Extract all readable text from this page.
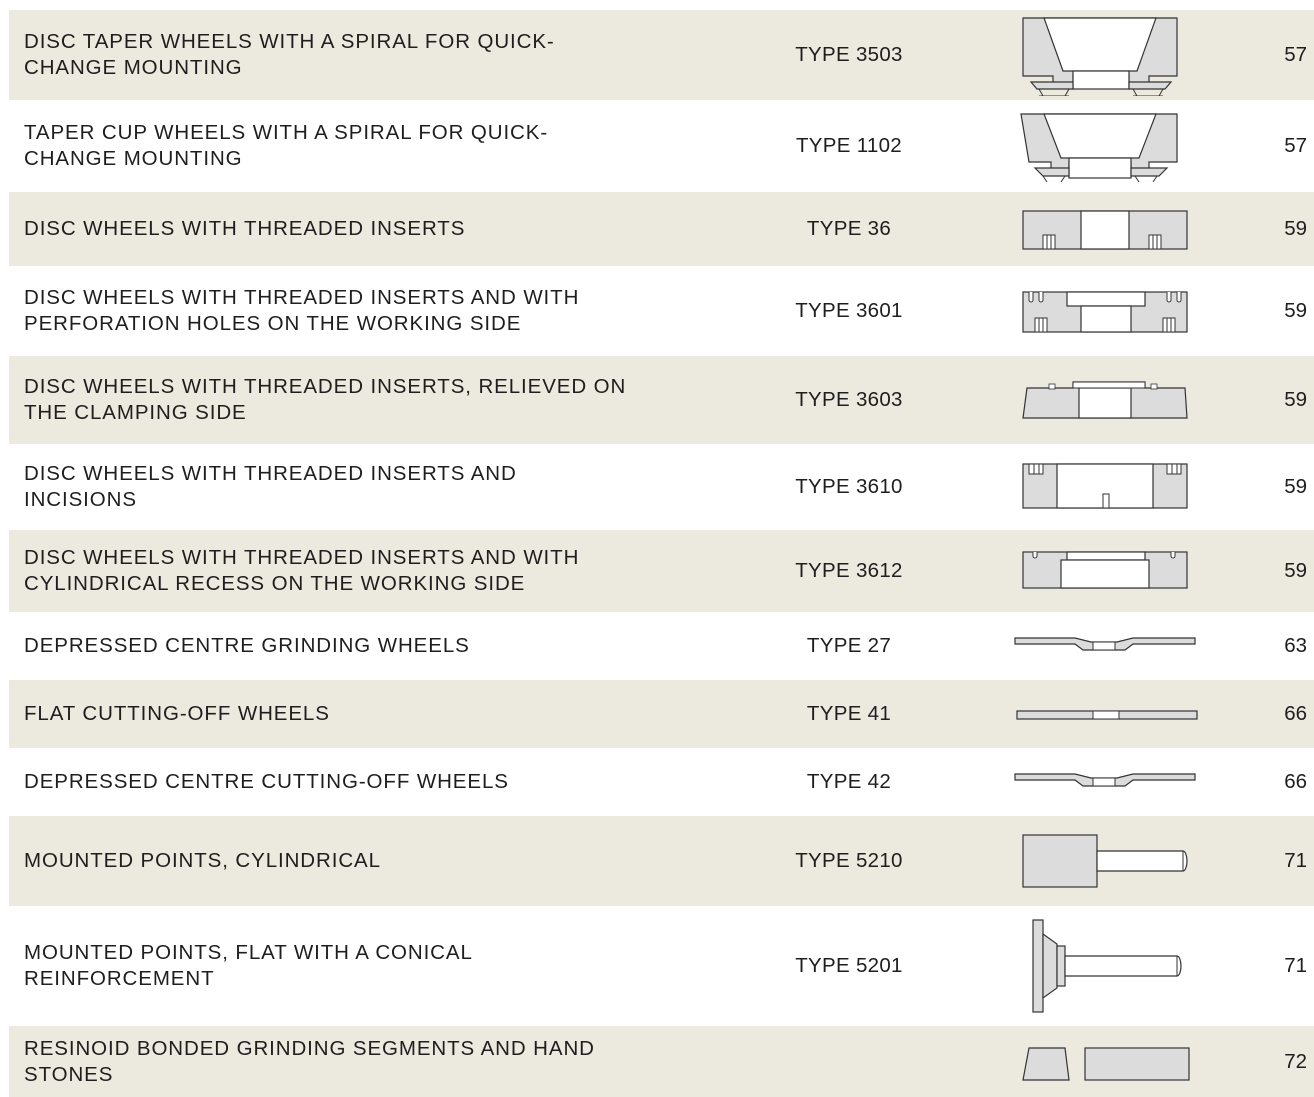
DISC TAPER WHEELS WITH A SPIRAL FOR QUICK-
CHANGE MOUNTING
TYPE 3503	57
TAPER CUP WHEELS WITH A SPIRAL FOR QUICK-
CHANGE MOUNTING
TYPE 1102	57
DISC WHEELS WITH THREADED INSERTS	TYPE 36	59
DISC WHEELS WITH THREADED INSERTS AND WITH
PERFORATION HOLES ON THE WORKING SIDE
TYPE 3601	59
DISC WHEELS WITH THREADED INSERTS, RELIEVED ON
THE CLAMPING SIDE
TYPE 3603	59
DISC WHEELS WITH THREADED INSERTS AND
INCISIONS
TYPE 3610	59
DISC WHEELS WITH THREADED INSERTS AND WITH
CYLINDRICAL RECESS ON THE WORKING SIDE
TYPE 3612	59
DEPRESSED CENTRE GRINDING WHEELS	TYPE 27	63
FLAT CUTTING-OFF WHEELS	TYPE 41	66
DEPRESSED CENTRE CUTTING-OFF WHEELS	TYPE 42	66
MOUNTED POINTS, CYLINDRICAL	TYPE 5210	71
MOUNTED POINTS, FLAT WITH A CONICAL
REINFORCEMENT
TYPE 5201	71
RESINOID BONDED GRINDING SEGMENTS AND HAND
STONES
72
